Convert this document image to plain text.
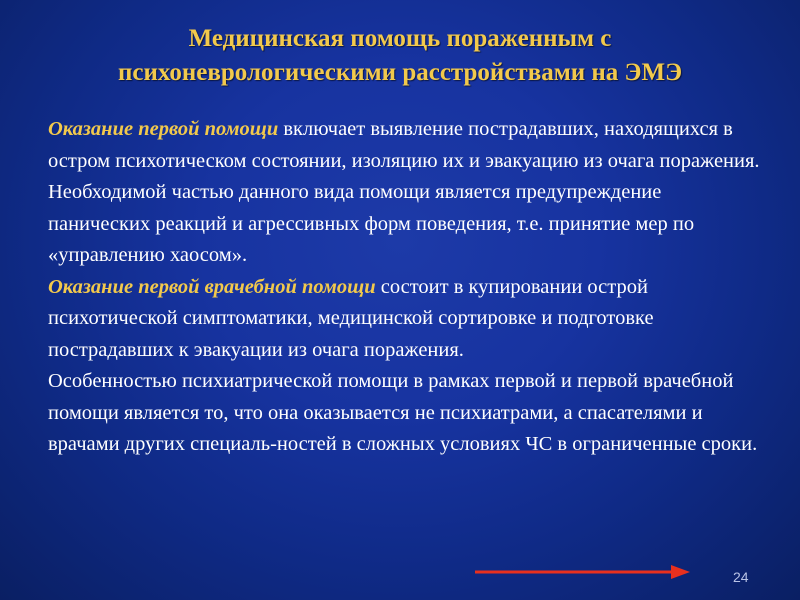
Медицинская помощь пораженным с
психоневрологическими расстройствами на ЭМЭ

Оказание первой помощи включает выявление пострадавших, находящихся в остром психотическом состоянии, изоляцию их и эвакуацию из очага поражения. Необходимой частью данного вида помощи является предупреждение панических реакций и агрессивных форм поведения, т.е. принятие мер по «управлению хаосом».

Оказание первой врачебной помощи состоит в купировании острой психотической симптоматики, медицинской сортировке и подготовке пострадавших к эвакуации из очага поражения.

Особенностью психиатрической помощи в рамках первой и первой врачебной помощи является то, что она оказывается не психиатрами, а спасателями и врачами других специаль-ностей в сложных условиях ЧС в ограниченные сроки.

24
